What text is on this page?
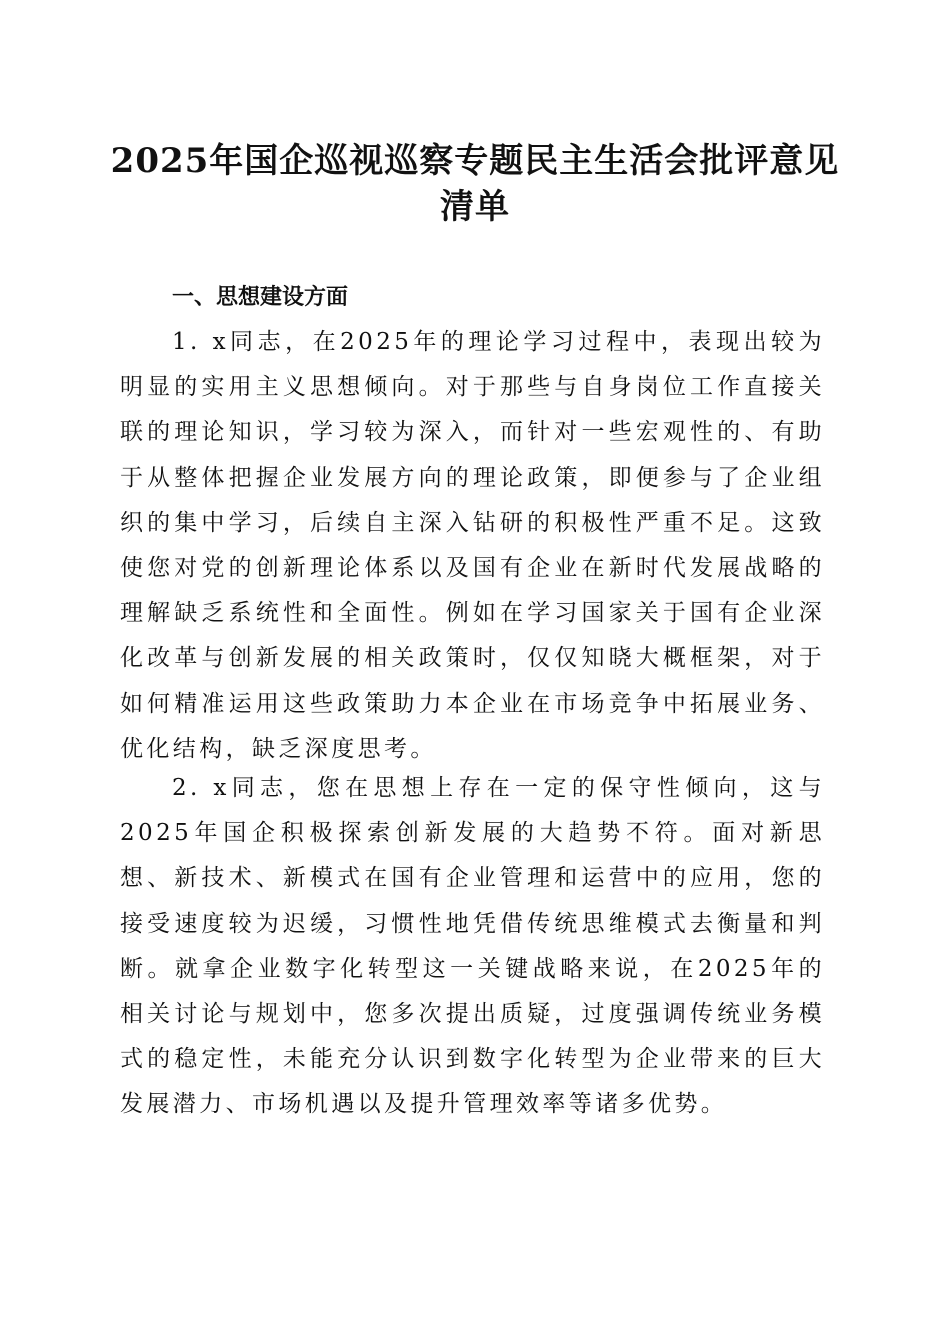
2025年国企巡视巡察专题民主生活会批评意见清单
一、思想建设方面

1. x同志，在2025年的理论学习过程中，表现出较为明显的实用主义思想倾向。对于那些与自身岗位工作直接关联的理论知识，学习较为深入，而针对一些宏观性的、有助于从整体把握企业发展方向的理论政策，即便参与了企业组织的集中学习，后续自主深入钻研的积极性严重不足。这致使您对党的创新理论体系以及国有企业在新时代发展战略的理解缺乏系统性和全面性。例如在学习国家关于国有企业深化改革与创新发展的相关政策时，仅仅知晓大概框架，对于如何精准运用这些政策助力本企业在市场竞争中拓展业务、优化结构，缺乏深度思考。

2. x同志，您在思想上存在一定的保守性倾向，这与2025年国企积极探索创新发展的大趋势不符。面对新思想、新技术、新模式在国有企业管理和运营中的应用，您的接受速度较为迟缓，习惯性地凭借传统思维模式去衡量和判断。就拿企业数字化转型这一关键战略来说，在2025年的相关讨论与规划中，您多次提出质疑，过度强调传统业务模式的稳定性，未能充分认识到数字化转型为企业带来的巨大发展潜力、市场机遇以及提升管理效率等诸多优势。
